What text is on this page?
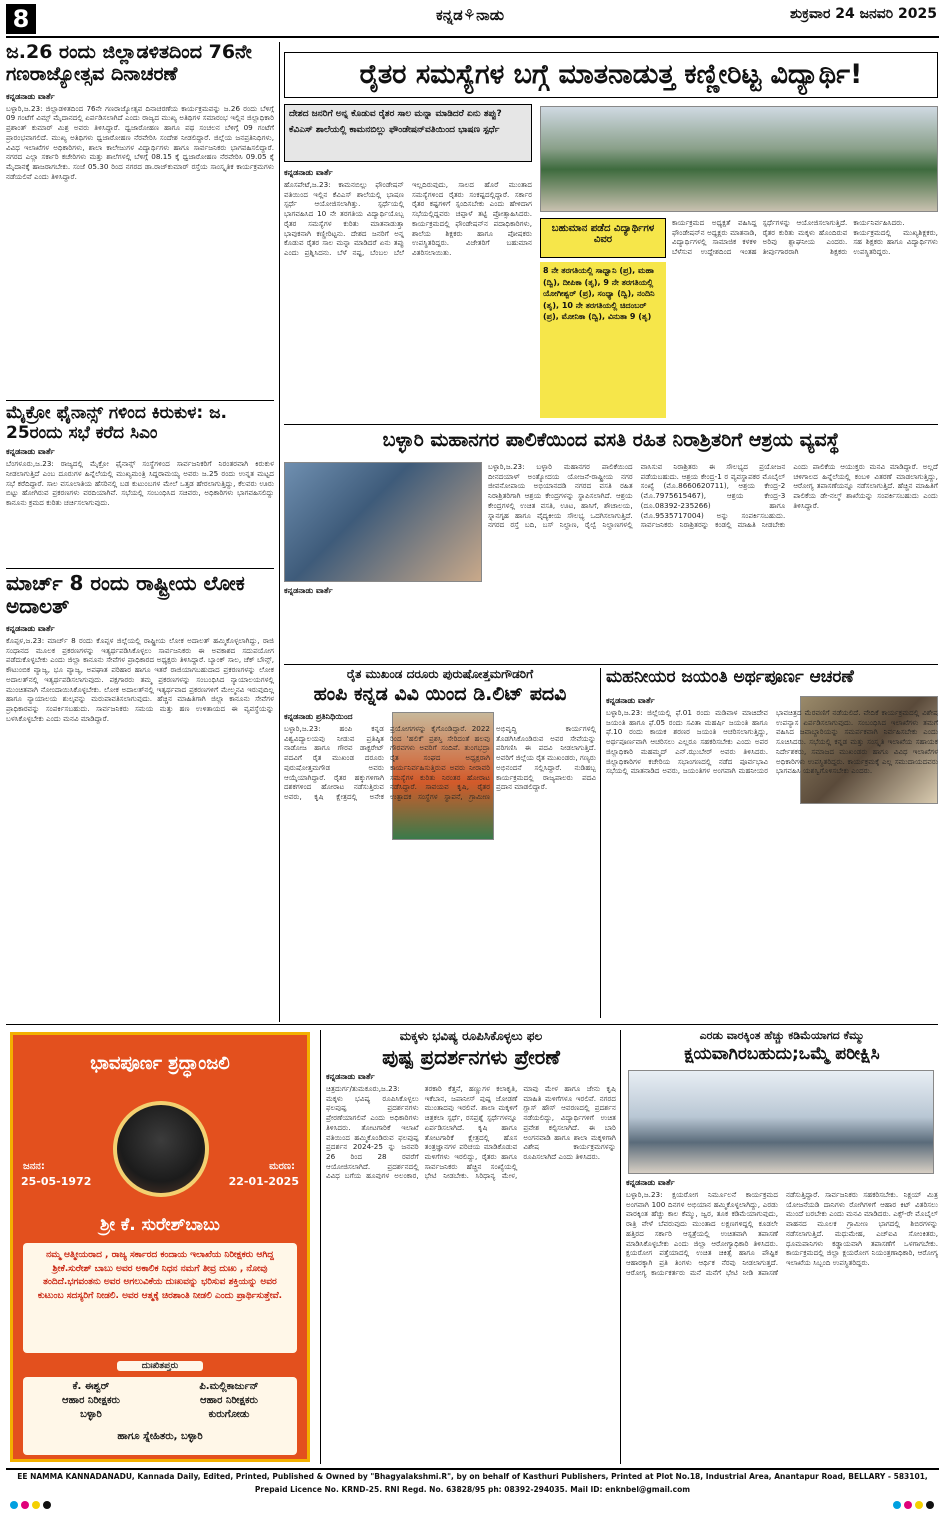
8	ಕನ್ನಡ⚘ನಾಡು	ಶುಕ್ರವಾರ 24 ಜನವರಿ 2025
ಜ.26 ರಂದು ಜಿಲ್ಲಾಡಳಿತದಿಂದ 76ನೇ ಗಣರಾಜ್ಯೋತ್ಸವ ದಿನಾಚರಣೆ
ಕನ್ನಡನಾಡು ವಾರ್ತೆ
ಬಳ್ಳಾರಿ,ಜ.23: ಜಿಲ್ಲಾಡಳಿತದಿಂದ 76ನೇ ಗಣರಾಜ್ಯೋತ್ಸವ ದಿನಾಚರಣೆಯ ಕಾರ್ಯಕ್ರಮವನ್ನು ಜ.26 ರಂದು ಬೆಳಿಗ್ಗೆ 09 ಗಂಟೆಗೆ ವಿಮ್ಸ್ ಮೈದಾನದಲ್ಲಿ ಏರ್ಪಡಿಸಲಾಗಿದೆ ಎಂದು ರಾಜ್ಯದ ಮುಖ್ಯ ಅತಿಥಿಗಳ ಸಮಾರಂಭ ಇಲ್ಲಿನ ಜಿಲ್ಲಾಧಿಕಾರಿ ಪ್ರಶಾಂತ್ ಕುಮಾರ್ ಮಿಶ್ರ ಅವರು ತಿಳಿಸಿದ್ದಾರೆ. ಧ್ವಜಾರೋಹಣ ಹಾಗೂ ಪಥ ಸಂಚಲನ ಬೆಳಿಗ್ಗೆ 09 ಗಂಟೆಗೆ ಪ್ರಾರಂಭವಾಗಲಿದೆ. ಮುಖ್ಯ ಅತಿಥಿಗಳು ಧ್ವಜಾರೋಹಣ ನೆರವೇರಿಸಿ ಸಂದೇಶ ನೀಡಲಿದ್ದಾರೆ. ಜಿಲ್ಲೆಯ ಜನಪ್ರತಿನಿಧಿಗಳು, ವಿವಿಧ ಇಲಾಖೆಗಳ ಅಧಿಕಾರಿಗಳು, ಶಾಲಾ ಕಾಲೇಜುಗಳ ವಿದ್ಯಾರ್ಥಿಗಳು ಹಾಗೂ ಸಾರ್ವಜನಿಕರು ಭಾಗವಹಿಸಲಿದ್ದಾರೆ. ನಗರದ ಎಲ್ಲಾ ಸರ್ಕಾರಿ ಕಚೇರಿಗಳು ಮತ್ತು ಶಾಲೆಗಳಲ್ಲಿ ಬೆಳಿಗ್ಗೆ 08.15 ಕ್ಕೆ ಧ್ವಜಾರೋಹಣ ನೆರವೇರಿಸಿ 09.05 ಕ್ಕೆ ಮೈದಾನಕ್ಕೆ ಹಾಜರಾಗಬೇಕು. ಸಂಜೆ 05.30 ರಿಂದ ನಗರದ ಡಾ.ರಾಜ್‌ಕುಮಾರ್ ರಸ್ತೆಯ ಸಾಂಸ್ಕೃತಿಕ ಕಾರ್ಯಕ್ರಮಗಳು ನಡೆಯಲಿವೆ ಎಂದು ತಿಳಿಸಿದ್ದಾರೆ.
ಮೈಕ್ರೋ ಫೈನಾನ್ಸ್ ಗಳಿಂದ ಕಿರುಕುಳ: ಜ. 25ರಂದು ಸಭೆ ಕರೆದ ಸಿಎಂ
ಕನ್ನಡನಾಡು ವಾರ್ತೆ
ಬೆಂಗಳೂರು,ಜ.23: ರಾಜ್ಯದಲ್ಲಿ ಮೈಕ್ರೋ ಫೈನಾನ್ಸ್ ಸಂಸ್ಥೆಗಳಿಂದ ಸಾರ್ವಜನಿಕರಿಗೆ ನಿರಂತರವಾಗಿ ಕಿರುಕುಳ ನೀಡಲಾಗುತ್ತಿದೆ ಎಂಬ ದೂರುಗಳ ಹಿನ್ನೆಲೆಯಲ್ಲಿ ಮುಖ್ಯಮಂತ್ರಿ ಸಿದ್ದರಾಮಯ್ಯ ಅವರು ಜ.25 ರಂದು ಉನ್ನತ ಮಟ್ಟದ ಸಭೆ ಕರೆದಿದ್ದಾರೆ. ಸಾಲ ವಸೂಲಾತಿಯ ಹೆಸರಿನಲ್ಲಿ ಬಡ ಕುಟುಂಬಗಳ ಮೇಲೆ ಒತ್ತಡ ಹೇರಲಾಗುತ್ತಿದ್ದು, ಕೆಲವರು ಊರು ಬಿಟ್ಟು ಹೋಗಿರುವ ಪ್ರಕರಣಗಳು ವರದಿಯಾಗಿವೆ. ಸಭೆಯಲ್ಲಿ ಸಂಬಂಧಿಸಿದ ಸಚಿವರು, ಅಧಿಕಾರಿಗಳು ಭಾಗವಹಿಸಲಿದ್ದು ಕಾನೂನು ಕ್ರಮದ ಕುರಿತು ಚರ್ಚಿಸಲಾಗುವುದು.
ಮಾರ್ಚ್ 8 ರಂದು ರಾಷ್ಟ್ರೀಯ ಲೋಕ ಅದಾಲತ್
ಕನ್ನಡನಾಡು ವಾರ್ತೆ
ಕೊಪ್ಪಳ,ಜ.23: ಮಾರ್ಚ್ 8 ರಂದು ಕೊಪ್ಪಳ ಜಿಲ್ಲೆಯಲ್ಲಿ ರಾಷ್ಟ್ರೀಯ ಲೋಕ ಅದಾಲತ್ ಹಮ್ಮಿಕೊಳ್ಳಲಾಗಿದ್ದು, ರಾಜಿ ಸಂಧಾನದ ಮೂಲಕ ಪ್ರಕರಣಗಳನ್ನು ಇತ್ಯರ್ಥಪಡಿಸಿಕೊಳ್ಳಲು ಸಾರ್ವಜನಿಕರು ಈ ಅವಕಾಶದ ಸದುಪಯೋಗ ಪಡೆದುಕೊಳ್ಳಬೇಕು ಎಂದು ಜಿಲ್ಲಾ ಕಾನೂನು ಸೇವೆಗಳ ಪ್ರಾಧಿಕಾರದ ಅಧ್ಯಕ್ಷರು ತಿಳಿಸಿದ್ದಾರೆ. ಬ್ಯಾಂಕ್ ಸಾಲ, ಚೆಕ್ ಬೌನ್ಸ್, ಕೌಟುಂಬಿಕ ವ್ಯಾಜ್ಯ, ಭೂ ವ್ಯಾಜ್ಯ, ಅಪಘಾತ ಪರಿಹಾರ ಹಾಗೂ ಇತರೆ ರಾಜಿಯಾಗಬಹುದಾದ ಪ್ರಕರಣಗಳನ್ನು ಲೋಕ ಅದಾಲತ್‌ನಲ್ಲಿ ಇತ್ಯರ್ಥಪಡಿಸಲಾಗುವುದು. ಪಕ್ಷಗಾರರು ತಮ್ಮ ಪ್ರಕರಣಗಳನ್ನು ಸಂಬಂಧಿಸಿದ ನ್ಯಾಯಾಲಯಗಳಲ್ಲಿ ಮುಂಚಿತವಾಗಿ ನೋಂದಾಯಿಸಿಕೊಳ್ಳಬೇಕು. ಲೋಕ ಅದಾಲತ್‌ನಲ್ಲಿ ಇತ್ಯರ್ಥವಾದ ಪ್ರಕರಣಗಳಿಗೆ ಮೇಲ್ಮನವಿ ಇರುವುದಿಲ್ಲ ಹಾಗೂ ನ್ಯಾಯಾಲಯ ಶುಲ್ಕವನ್ನು ಮರುಪಾವತಿಸಲಾಗುವುದು. ಹೆಚ್ಚಿನ ಮಾಹಿತಿಗಾಗಿ ಜಿಲ್ಲಾ ಕಾನೂನು ಸೇವೆಗಳ ಪ್ರಾಧಿಕಾರವನ್ನು ಸಂಪರ್ಕಿಸಬಹುದು. ಸಾರ್ವಜನಿಕರು ಸಮಯ ಮತ್ತು ಹಣ ಉಳಿತಾಯದ ಈ ವ್ಯವಸ್ಥೆಯನ್ನು ಬಳಸಿಕೊಳ್ಳಬೇಕು ಎಂದು ಮನವಿ ಮಾಡಿದ್ದಾರೆ.
ರೈತರ ಸಮಸ್ಯೆಗಳ ಬಗ್ಗೆ ಮಾತನಾಡುತ್ತ ಕಣ್ಣೀರಿಟ್ಟ ವಿದ್ಯಾರ್ಥಿ!
ದೇಶದ ಜನರಿಗೆ ಅನ್ನ ಕೊಡುವ ರೈತರ ಸಾಲ ಮನ್ನಾ ಮಾಡಿದರೆ ಏನು ತಪ್ಪು?
ಕೆವಿಎಸ್ ಶಾಲೆಯಲ್ಲಿ ಕಾಮನಬಿಲ್ಲು ಫೌಂಡೇಷನ್‌ವತಿಯಿಂದ ಭಾಷಣ ಸ್ಪರ್ಧೆ
ಕನ್ನಡನಾಡು ವಾರ್ತೆ
ಹೊಸಪೇಟೆ,ಜ.23: ಕಾಮನಬಿಲ್ಲು ಫೌಂಡೇಷನ್ ವತಿಯಿಂದ ಇಲ್ಲಿನ ಕೆವಿಎಸ್ ಶಾಲೆಯಲ್ಲಿ ಭಾಷಣ ಸ್ಪರ್ಧೆ ಆಯೋಜಿಸಲಾಗಿತ್ತು. ಸ್ಪರ್ಧೆಯಲ್ಲಿ ಭಾಗವಹಿಸಿದ 10 ನೇ ತರಗತಿಯ ವಿದ್ಯಾರ್ಥಿಯೊಬ್ಬ ರೈತರ ಸಮಸ್ಯೆಗಳ ಕುರಿತು ಮಾತನಾಡುತ್ತಾ ಭಾವುಕನಾಗಿ ಕಣ್ಣೀರಿಟ್ಟನು. ದೇಶದ ಜನರಿಗೆ ಅನ್ನ ಕೊಡುವ ರೈತರ ಸಾಲ ಮನ್ನಾ ಮಾಡಿದರೆ ಏನು ತಪ್ಪು ಎಂದು ಪ್ರಶ್ನಿಸಿದನು. ಬೆಳೆ ನಷ್ಟ, ಬೆಂಬಲ ಬೆಲೆ ಇಲ್ಲದಿರುವುದು, ಸಾಲದ ಹೊರೆ ಮುಂತಾದ ಸಮಸ್ಯೆಗಳಿಂದ ರೈತರು ಸಂಕಷ್ಟದಲ್ಲಿದ್ದಾರೆ. ಸರ್ಕಾರ ರೈತರ ಕಷ್ಟಗಳಿಗೆ ಸ್ಪಂದಿಸಬೇಕು ಎಂದು ಹೇಳಿದಾಗ ಸಭೆಯಲ್ಲಿದ್ದವರು ಚಪ್ಪಾಳೆ ತಟ್ಟಿ ಪ್ರೋತ್ಸಾಹಿಸಿದರು. ಕಾರ್ಯಕ್ರಮದಲ್ಲಿ ಫೌಂಡೇಷನ್‌ನ ಪದಾಧಿಕಾರಿಗಳು, ಶಾಲೆಯ ಶಿಕ್ಷಕರು ಹಾಗೂ ಪೋಷಕರು ಉಪಸ್ಥಿತರಿದ್ದರು. ವಿಜೇತರಿಗೆ ಬಹುಮಾನ ವಿತರಿಸಲಾಯಿತು.
ಬಹುಮಾನ ಪಡೆದ ವಿದ್ಯಾರ್ಥಿಗಳ ವಿವರ
8 ನೇ ತರಗತಿಯಲ್ಲಿ ಸಾಧ್ವಾನಿ (ಪ್ರ), ಮಹಾ (ದ್ವಿ), ದೀಪಿಕಾ (ತೃ), 9 ನೇ ತರಗತಿಯಲ್ಲಿ ಯೋಗೀಶ್ವರ್ (ಪ್ರ), ಸಂಧ್ಯಾ (ದ್ವಿ), ನಂದಿನಿ (ತೃ), 10 ನೇ ತರಗತಿಯಲ್ಲಿ ಚಿದಂಬರ್ (ಪ್ರ), ಮೋನಿಕಾ (ದ್ವಿ), ವಿನುತಾ 9 (ತೃ)
ಕಾರ್ಯಕ್ರಮದ ಅಧ್ಯಕ್ಷತೆ ವಹಿಸಿದ್ದ ಫೌಂಡೇಷನ್‌ನ ಅಧ್ಯಕ್ಷರು ಮಾತನಾಡಿ, ವಿದ್ಯಾರ್ಥಿಗಳಲ್ಲಿ ಸಾಮಾಜಿಕ ಕಳಕಳಿ ಬೆಳೆಸುವ ಉದ್ದೇಶದಿಂದ ಇಂತಹ ಸ್ಪರ್ಧೆಗಳನ್ನು ಆಯೋಜಿಸಲಾಗುತ್ತಿದೆ. ರೈತರ ಕುರಿತು ಮಕ್ಕಳು ಹೊಂದಿರುವ ಅರಿವು ಶ್ಲಾಘನೀಯ ಎಂದರು. ತೀರ್ಪುಗಾರರಾಗಿ ಶಿಕ್ಷಕರು ಕಾರ್ಯನಿರ್ವಹಿಸಿದರು. ಕಾರ್ಯಕ್ರಮದಲ್ಲಿ ಮುಖ್ಯಶಿಕ್ಷಕರು, ಸಹ ಶಿಕ್ಷಕರು ಹಾಗೂ ವಿದ್ಯಾರ್ಥಿಗಳು ಉಪಸ್ಥಿತರಿದ್ದರು.
ಬಳ್ಳಾರಿ ಮಹಾನಗರ ಪಾಲಿಕೆಯಿಂದ ವಸತಿ ರಹಿತ ನಿರಾಶ್ರಿತರಿಗೆ ಆಶ್ರಯ ವ್ಯವಸ್ಥೆ
ಕನ್ನಡನಾಡು ವಾರ್ತೆ
ಬಳ್ಳಾರಿ,ಜ.23: ಬಳ್ಳಾರಿ ಮಹಾನಗರ ಪಾಲಿಕೆಯಿಂದ ದೀನದಯಾಳ್ ಅಂತ್ಯೋದಯ ಯೋಜನೆ-ರಾಷ್ಟ್ರೀಯ ನಗರ ಜೀವನೋಪಾಯ ಅಭಿಯಾನದಡಿ ನಗರದ ವಸತಿ ರಹಿತ ನಿರಾಶ್ರಿತರಿಗಾಗಿ ಆಶ್ರಯ ಕೇಂದ್ರಗಳನ್ನು ಸ್ಥಾಪಿಸಲಾಗಿದೆ. ಆಶ್ರಯ ಕೇಂದ್ರಗಳಲ್ಲಿ ಉಚಿತ ವಸತಿ, ಊಟ, ಹಾಸಿಗೆ, ಶೌಚಾಲಯ, ಸ್ನಾನಗೃಹ ಹಾಗೂ ವೈದ್ಯಕೀಯ ಸೌಲಭ್ಯ ಒದಗಿಸಲಾಗುತ್ತಿದೆ. ನಗರದ ರಸ್ತೆ ಬದಿ, ಬಸ್ ನಿಲ್ದಾಣ, ರೈಲ್ವೆ ನಿಲ್ದಾಣಗಳಲ್ಲಿ ವಾಸಿಸುವ ನಿರಾಶ್ರಿತರು ಈ ಸೌಲಭ್ಯದ ಪ್ರಯೋಜನ ಪಡೆಯಬಹುದು. ಆಶ್ರಯ ಕೇಂದ್ರ-1 ರ ವ್ಯವಸ್ಥಾಪಕರ ಮೊಬೈಲ್ ಸಂಖ್ಯೆ (ಮೊ.8660620711), ಆಶ್ರಯ ಕೇಂದ್ರ-2 (ಮೊ.7975615467), ಆಶ್ರಯ ಕೇಂದ್ರ-3 (ದೂ.08392-235266) ಹಾಗೂ (ಮೊ.9535717004) ಅನ್ನು ಸಂಪರ್ಕಿಸಬಹುದು. ಸಾರ್ವಜನಿಕರು ನಿರಾಶ್ರಿತರನ್ನು ಕಂಡಲ್ಲಿ ಮಾಹಿತಿ ನೀಡಬೇಕು ಎಂದು ಪಾಲಿಕೆಯ ಆಯುಕ್ತರು ಮನವಿ ಮಾಡಿದ್ದಾರೆ. ಅಲ್ಲದೆ ಚಳಿಗಾಲದ ಹಿನ್ನೆಲೆಯಲ್ಲಿ ಕಂಬಳಿ ವಿತರಣೆ ಮಾಡಲಾಗುತ್ತಿದ್ದು, ಆರೋಗ್ಯ ತಪಾಸಣೆಯನ್ನೂ ನಡೆಸಲಾಗುತ್ತಿದೆ. ಹೆಚ್ಚಿನ ಮಾಹಿತಿಗೆ ಪಾಲಿಕೆಯ ಡೇ-ನಲ್ಮ್ ಶಾಖೆಯನ್ನು ಸಂಪರ್ಕಿಸಬಹುದು ಎಂದು ತಿಳಿಸಿದ್ದಾರೆ.
ರೈತ ಮುಖಂಡ ದರೂರು ಪುರುಷೋತ್ತಮಗೌಡರಿಗೆ
ಹಂಪಿ ಕನ್ನಡ ವಿವಿ ಯಿಂದ ಡಿ.ಲಿಟ್ ಪದವಿ
ಕನ್ನಡನಾಡು ಪ್ರತಿನಿಧಿಯಿಂದ
ಬಳ್ಳಾರಿ,ಜ.23: ಹಂಪಿ ಕನ್ನಡ ವಿಶ್ವವಿದ್ಯಾಲಯವು ನೀಡುವ ಪ್ರತಿಷ್ಠಿತ ನಾಡೋಜ ಹಾಗೂ ಗೌರವ ಡಾಕ್ಟರೇಟ್ ಪದವಿಗೆ ರೈತ ಮುಖಂಡ ದರೂರು ಪುರುಷೋತ್ತಮಗೌಡ ಅವರು ಆಯ್ಕೆಯಾಗಿದ್ದಾರೆ. ರೈತರ ಹಕ್ಕುಗಳಿಗಾಗಿ ದಶಕಗಳಿಂದ ಹೋರಾಟ ನಡೆಸುತ್ತಿರುವ ಅವರು, ಕೃಷಿ ಕ್ಷೇತ್ರದಲ್ಲಿ ಅನೇಕ ಪ್ರಯೋಗಗಳನ್ನು ಕೈಗೊಂಡಿದ್ದಾರೆ. 2022 ರಿಂದ 'ಹಲಿಕೆ' ಪ್ರಶಸ್ತಿ ಸೇರಿದಂತೆ ಹಲವು ಗೌರವಗಳು ಅವರಿಗೆ ಸಂದಿವೆ. ತುಂಗಭದ್ರಾ ರೈತ ಸಂಘದ ಅಧ್ಯಕ್ಷರಾಗಿ ಕಾರ್ಯನಿರ್ವಹಿಸುತ್ತಿರುವ ಅವರು ನೀರಾವರಿ ಸಮಸ್ಯೆಗಳ ಕುರಿತು ನಿರಂತರ ಹೋರಾಟ ನಡೆಸಿದ್ದಾರೆ. ಸಾವಯವ ಕೃಷಿ, ರೈತರ ಉತ್ಪಾದಕ ಸಂಸ್ಥೆಗಳ ಸ್ಥಾಪನೆ, ಗ್ರಾಮೀಣ ಅಭಿವೃದ್ಧಿ ಕಾರ್ಯಗಳಲ್ಲಿ ತೊಡಗಿಸಿಕೊಂಡಿರುವ ಅವರ ಸೇವೆಯನ್ನು ಪರಿಗಣಿಸಿ ಈ ಪದವಿ ನೀಡಲಾಗುತ್ತಿದೆ. ಅವರಿಗೆ ಜಿಲ್ಲೆಯ ರೈತ ಮುಖಂಡರು, ಗಣ್ಯರು ಅಭಿನಂದನೆ ಸಲ್ಲಿಸಿದ್ದಾರೆ. ನುಡಿಹಬ್ಬ ಕಾರ್ಯಕ್ರಮದಲ್ಲಿ ರಾಜ್ಯಪಾಲರು ಪದವಿ ಪ್ರದಾನ ಮಾಡಲಿದ್ದಾರೆ.
ಮಹನೀಯರ ಜಯಂತಿ ಅರ್ಥಪೂರ್ಣ ಆಚರಣೆ
ಕನ್ನಡನಾಡು ವಾರ್ತೆ
ಬಳ್ಳಾರಿ,ಜ.23: ಜಿಲ್ಲೆಯಲ್ಲಿ ಫೆ.01 ರಂದು ಮಡಿವಾಳ ಮಾಚಿದೇವ ಜಯಂತಿ ಹಾಗೂ ಫೆ.05 ರಂದು ಸವಿತಾ ಮಹರ್ಷಿ ಜಯಂತಿ ಹಾಗೂ ಫೆ.10 ರಂದು ಕಾಯಕ ಶರಣರ ಜಯಂತಿ ಆಚರಿಸಲಾಗುತ್ತಿದ್ದು, ಅರ್ಥಪೂರ್ಣವಾಗಿ ಆಚರಿಸಲು ಎಲ್ಲರೂ ಸಹಕರಿಸಬೇಕು ಎಂದು ಅಪರ ಜಿಲ್ಲಾಧಿಕಾರಿ ಮಹಮ್ಮದ್ ಎನ್.ಝುಬೇರ್ ಅವರು ತಿಳಿಸಿದರು. ಜಿಲ್ಲಾಧಿಕಾರಿಗಳ ಕಚೇರಿಯ ಸಭಾಂಗಣದಲ್ಲಿ ನಡೆದ ಪೂರ್ವಭಾವಿ ಸಭೆಯಲ್ಲಿ ಮಾತನಾಡಿದ ಅವರು, ಜಯಂತಿಗಳ ಅಂಗವಾಗಿ ಮಹನೀಯರ ಭಾವಚಿತ್ರದ ಮೆರವಣಿಗೆ ನಡೆಯಲಿದೆ. ವೇದಿಕೆ ಕಾರ್ಯಕ್ರಮದಲ್ಲಿ ವಿಶೇಷ ಉಪನ್ಯಾಸ ಏರ್ಪಡಿಸಲಾಗುವುದು. ಸಂಬಂಧಿಸಿದ ಇಲಾಖೆಗಳು ತಮಗೆ ವಹಿಸಿದ ಜವಾಬ್ದಾರಿಯನ್ನು ಸಮರ್ಪಕವಾಗಿ ನಿರ್ವಹಿಸಬೇಕು ಎಂದು ಸೂಚಿಸಿದರು. ಸಭೆಯಲ್ಲಿ ಕನ್ನಡ ಮತ್ತು ಸಂಸ್ಕೃತಿ ಇಲಾಖೆಯ ಸಹಾಯಕ ನಿರ್ದೇಶಕರು, ಸಮಾಜದ ಮುಖಂಡರು ಹಾಗೂ ವಿವಿಧ ಇಲಾಖೆಗಳ ಅಧಿಕಾರಿಗಳು ಉಪಸ್ಥಿತರಿದ್ದರು. ಕಾರ್ಯಕ್ರಮಕ್ಕೆ ಎಲ್ಲ ಸಮುದಾಯದವರು ಭಾಗವಹಿಸಿ ಯಶಸ್ವಿಗೊಳಿಸಬೇಕು ಎಂದರು.
ಭಾವಪೂರ್ಣ ಶ್ರದ್ಧಾಂಜಲಿ
ಜನನ:
25-05-1972
ಮರಣ:
22-01-2025
ಶ್ರೀ ಕೆ. ಸುರೇಶ್‌ಬಾಬು
ನಮ್ಮ ಆತ್ಮೀಯರಾದ , ರಾಜ್ಯ ಸರ್ಕಾರದ ಕಂದಾಯ ಇಲಾಖೆಯ ನಿರೀಕ್ಷಕರು ಆಗಿದ್ದ ಶ್ರೀಕೆ.ಸುರೇಶ್ ಬಾಬು ಅವರ ಅಕಾಲಿಕ ನಿಧನ ನಮಗೆ ತೀವ್ರ ದುಃಖ , ನೋವು ತಂದಿದೆ.ಭಗವಂತನು ಅವರ ಅಗಲುವಿಕೆಯ ದುಃಖವನ್ನು ಭರಿಸುವ ಶಕ್ತಿಯನ್ನು ಅವರ ಕುಟುಂಬ ಸದಸ್ಯರಿಗೆ ನೀಡಲಿ. ಅವರ ಆತ್ಮಕ್ಕೆ ಚಿರಶಾಂತಿ ನೀಡಲಿ ಎಂದು ಪ್ರಾರ್ಥಿಸುತ್ತೇವೆ.
ದುಃಖಿತಪ್ತರು
ಕೆ. ಈಶ್ವರ್
ಆಹಾರ ನಿರೀಕ್ಷಕರು
ಬಳ್ಳಾರಿ
ಪಿ.ಮಲ್ಲಿಕಾರ್ಜುನ್
ಆಹಾರ ನಿರೀಕ್ಷಕರು
ಕುರುಗೋಡು
ಹಾಗೂ ಸ್ನೇಹಿತರು, ಬಳ್ಳಾರಿ
ಮಕ್ಕಳು ಭವಿಷ್ಯ ರೂಪಿಸಿಕೊಳ್ಳಲು ಫಲ
ಪುಷ್ಪ ಪ್ರದರ್ಶನಗಳು ಪ್ರೇರಣೆ
ಕನ್ನಡನಾಡು ವಾರ್ತೆ
ಚಿತ್ರದುರ್ಗ/ತುಮಕೂರು,ಜ.23: ಮಕ್ಕಳು ಭವಿಷ್ಯ ರೂಪಿಸಿಕೊಳ್ಳಲು ಫಲಪುಷ್ಪ ಪ್ರದರ್ಶನಗಳು ಪ್ರೇರಣೆಯಾಗಲಿವೆ ಎಂದು ಅಧಿಕಾರಿಗಳು ತಿಳಿಸಿದರು. ತೋಟಗಾರಿಕೆ ಇಲಾಖೆ ವತಿಯಿಂದ ಹಮ್ಮಿಕೊಂಡಿರುವ ಫಲಪುಷ್ಪ ಪ್ರದರ್ಶನ 2024-25 ನ್ನು ಜನವರಿ 26 ರಿಂದ 28 ರವರೆಗೆ ಆಯೋಜಿಸಲಾಗಿದೆ. ಪ್ರದರ್ಶನದಲ್ಲಿ ವಿವಿಧ ಬಗೆಯ ಹೂವುಗಳ ಅಲಂಕಾರ, ತರಕಾರಿ ಕೆತ್ತನೆ, ಹಣ್ಣುಗಳ ಕಲಾಕೃತಿ, ಇಕೆಬಾನ, ಜಪಾನೀಸ್ ಪುಷ್ಪ ಜೋಡಣೆ ಮುಂತಾದವು ಇರಲಿವೆ. ಶಾಲಾ ಮಕ್ಕಳಿಗೆ ಚಿತ್ರಕಲಾ ಸ್ಪರ್ಧೆ, ರಸಪ್ರಶ್ನೆ ಸ್ಪರ್ಧೆಗಳನ್ನೂ ಏರ್ಪಡಿಸಲಾಗಿದೆ. ಕೃಷಿ ಹಾಗೂ ತೋಟಗಾರಿಕೆ ಕ್ಷೇತ್ರದಲ್ಲಿ ಹೊಸ ತಂತ್ರಜ್ಞಾನಗಳ ಪರಿಚಯ ಮಾಡಿಕೊಡುವ ಮಳಿಗೆಗಳು ಇರಲಿದ್ದು, ರೈತರು ಹಾಗೂ ಸಾರ್ವಜನಿಕರು ಹೆಚ್ಚಿನ ಸಂಖ್ಯೆಯಲ್ಲಿ ಭೇಟಿ ನೀಡಬೇಕು. ಸಿರಿಧಾನ್ಯ ಮೇಳ, ಮಾವು ಮೇಳ ಹಾಗೂ ಜೇನು ಕೃಷಿ ಮಾಹಿತಿ ಮಳಿಗೆಗಳೂ ಇರಲಿವೆ. ನಗರದ ಗ್ಲಾಸ್ ಹೌಸ್ ಆವರಣದಲ್ಲಿ ಪ್ರದರ್ಶನ ನಡೆಯಲಿದ್ದು, ವಿದ್ಯಾರ್ಥಿಗಳಿಗೆ ಉಚಿತ ಪ್ರವೇಶ ಕಲ್ಪಿಸಲಾಗಿದೆ. ಈ ಬಾರಿ ಅಂಗನವಾಡಿ ಹಾಗೂ ಶಾಲಾ ಮಕ್ಕಳಿಗಾಗಿ ವಿಶೇಷ ಕಾರ್ಯಕ್ರಮಗಳನ್ನು ರೂಪಿಸಲಾಗಿದೆ ಎಂದು ತಿಳಿಸಿದರು.
ಎರಡು ವಾರಕ್ಕಿಂತ ಹೆಚ್ಚು ಕಡಿಮೆಯಾಗದ ಕೆಮ್ಮು
ಕ್ಷಯವಾಗಿರಬಹುದು;ಒಮ್ಮೆ ಪರೀಕ್ಷಿಸಿ
ಕನ್ನಡನಾಡು ವಾರ್ತೆ
ಬಳ್ಳಾರಿ,ಜ.23: ಕ್ಷಯರೋಗ ನಿರ್ಮೂಲನೆ ಕಾರ್ಯಕ್ರಮದ ಅಂಗವಾಗಿ 100 ದಿನಗಳ ಅಭಿಯಾನ ಹಮ್ಮಿಕೊಳ್ಳಲಾಗಿದ್ದು, ಎರಡು ವಾರಕ್ಕಿಂತ ಹೆಚ್ಚು ಕಾಲ ಕೆಮ್ಮು, ಜ್ವರ, ತೂಕ ಕಡಿಮೆಯಾಗುವುದು, ರಾತ್ರಿ ವೇಳೆ ಬೆವರುವುದು ಮುಂತಾದ ಲಕ್ಷಣಗಳಿದ್ದಲ್ಲಿ ಕೂಡಲೇ ಹತ್ತಿರದ ಸರ್ಕಾರಿ ಆಸ್ಪತ್ರೆಯಲ್ಲಿ ಉಚಿತವಾಗಿ ತಪಾಸಣೆ ಮಾಡಿಸಿಕೊಳ್ಳಬೇಕು ಎಂದು ಜಿಲ್ಲಾ ಆರೋಗ್ಯಾಧಿಕಾರಿ ತಿಳಿಸಿದರು. ಕ್ಷಯರೋಗ ಪತ್ತೆಯಾದಲ್ಲಿ ಉಚಿತ ಚಿಕಿತ್ಸೆ ಹಾಗೂ ಪೌಷ್ಟಿಕ ಆಹಾರಕ್ಕಾಗಿ ಪ್ರತಿ ತಿಂಗಳು ಆರ್ಥಿಕ ನೆರವು ನೀಡಲಾಗುತ್ತದೆ. ಆರೋಗ್ಯ ಕಾರ್ಯಕರ್ತರು ಮನೆ ಮನೆಗೆ ಭೇಟಿ ನೀಡಿ ತಪಾಸಣೆ ನಡೆಸುತ್ತಿದ್ದಾರೆ. ಸಾರ್ವಜನಿಕರು ಸಹಕರಿಸಬೇಕು. ನಿಕ್ಷಯ್ ಮಿತ್ರ ಯೋಜನೆಯಡಿ ದಾನಿಗಳು ರೋಗಿಗಳಿಗೆ ಆಹಾರ ಕಿಟ್ ವಿತರಿಸಲು ಮುಂದೆ ಬರಬೇಕು ಎಂದು ಮನವಿ ಮಾಡಿದರು. ಎಕ್ಸ್-ರೇ ಮೊಬೈಲ್ ವಾಹನದ ಮೂಲಕ ಗ್ರಾಮೀಣ ಭಾಗದಲ್ಲಿ ಶಿಬಿರಗಳನ್ನು ನಡೆಸಲಾಗುತ್ತಿದೆ. ಮಧುಮೇಹ, ಎಚ್‌ಐವಿ ಸೋಂಕಿತರು, ಧೂಮಪಾನಿಗಳು ಕಡ್ಡಾಯವಾಗಿ ತಪಾಸಣೆಗೆ ಒಳಗಾಗಬೇಕು. ಕಾರ್ಯಕ್ರಮದಲ್ಲಿ ಜಿಲ್ಲಾ ಕ್ಷಯರೋಗ ನಿಯಂತ್ರಣಾಧಿಕಾರಿ, ಆರೋಗ್ಯ ಇಲಾಖೆಯ ಸಿಬ್ಬಂದಿ ಉಪಸ್ಥಿತರಿದ್ದರು.
EE NAMMA KANNADANADU, Kannada Daily, Edited, Printed, Published & Owned by "Bhagyalakshmi.R", by on behalf of Kasthuri Publishers, Printed at Plot No.18, Industrial Area, Anantapur Road, BELLARY - 583101,
Prepaid Licence No. KRND-25. RNI Regd. No. 63828/95 ph: 08392-294035. Mail ID: enknbel@gmail.com
